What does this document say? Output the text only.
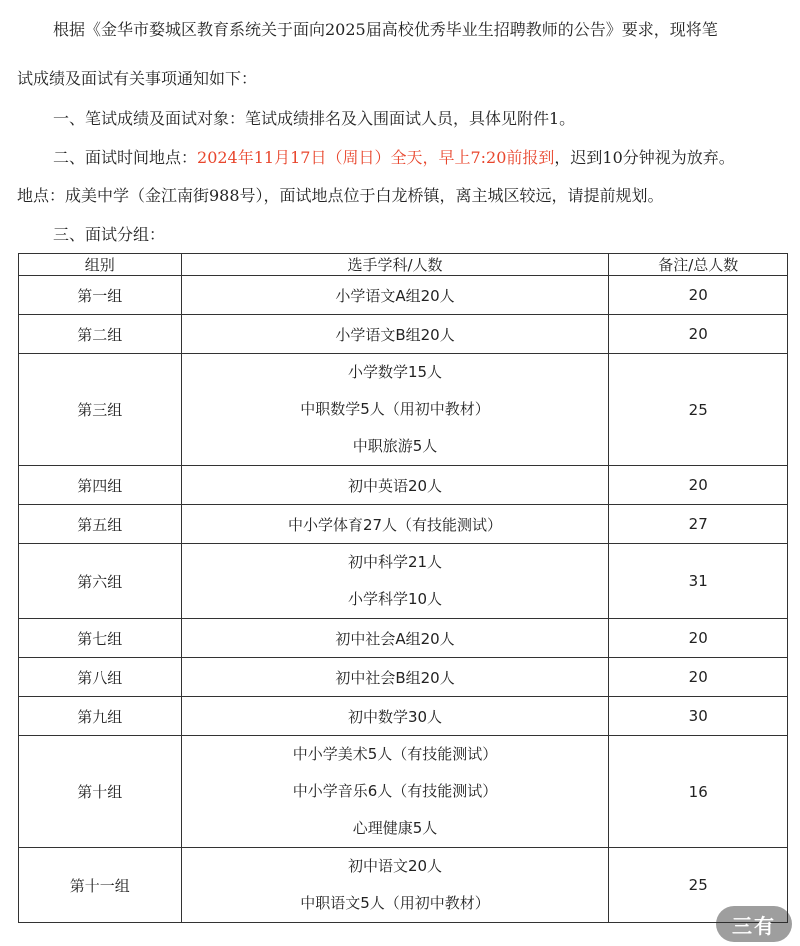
根据《金华市婺城区教育系统关于面向2025届高校优秀毕业生招聘教师的公告》要求，现将笔
试成绩及面试有关事项通知如下：
一、笔试成绩及面试对象：笔试成绩排名及入围面试人员，具体见附件1。
二、面试时间地点：2024年11月17日（周日）全天，早上7:20前报到，迟到10分钟视为放弃。
地点：成美中学（金江南街988号），面试地点位于白龙桥镇，离主城区较远，请提前规划。
三、面试分组：
组别	选手学科/人数	备注/总人数
第一组	小学语文A组20人	20
第二组	小学语文B组20人	20
第三组	小学数学15人
中职数学5人（用初中教材）
中职旅游5人	25
第四组	初中英语20人	20
第五组	中小学体育27人（有技能测试）	27
第六组	初中科学21人
小学科学10人	31
第七组	初中社会A组20人	20
第八组	初中社会B组20人	20
第九组	初中数学30人	30
第十组	中小学美术5人（有技能测试）
中小学音乐6人（有技能测试）
心理健康5人	16
第十一组	初中语文20人
中职语文5人（用初中教材）	25
三有
